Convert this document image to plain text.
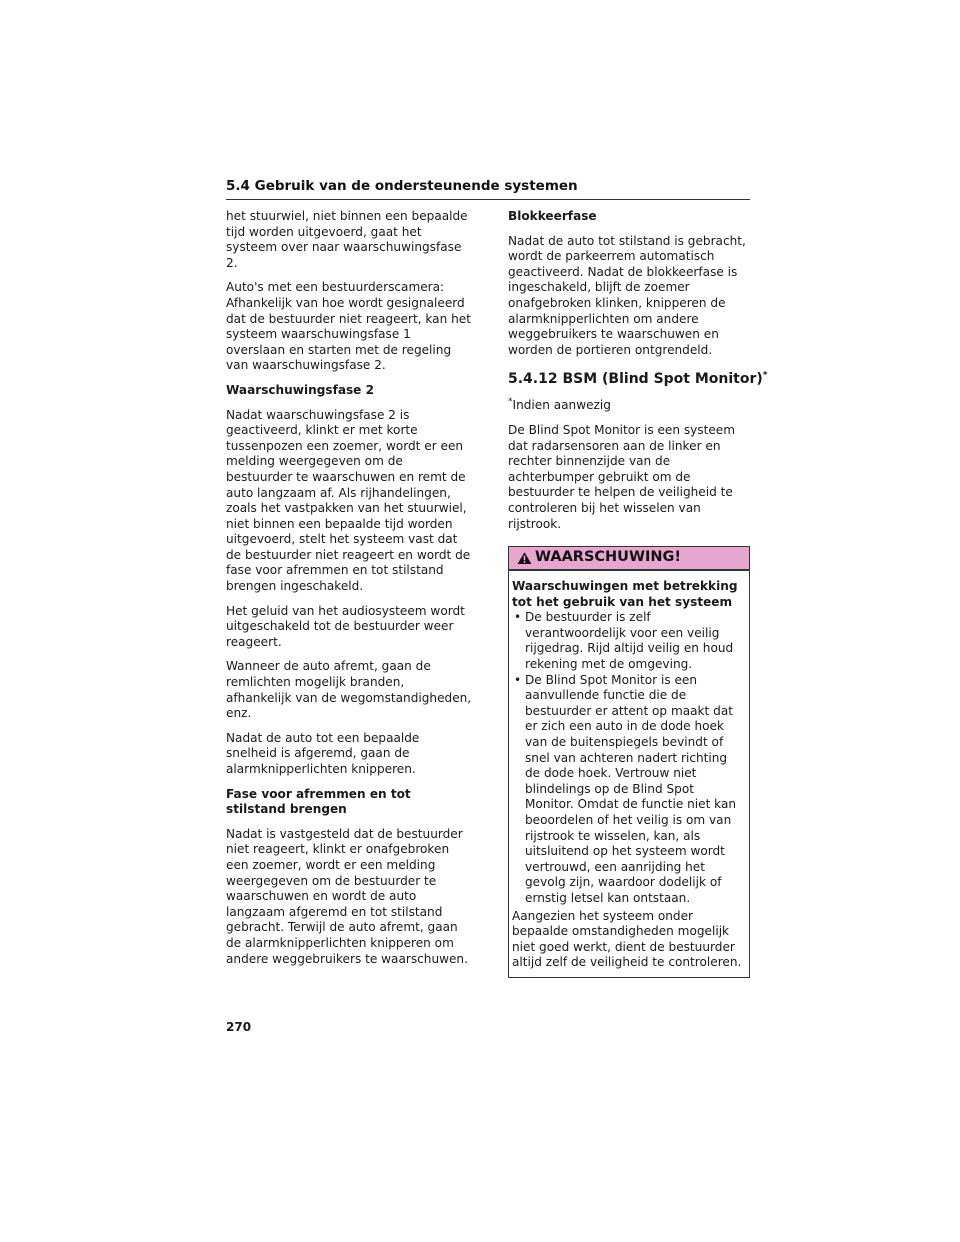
5.4 Gebruik van de ondersteunende systemen

het stuurwiel, niet binnen een bepaalde tijd worden uitgevoerd, gaat het systeem over naar waarschuwingsfase 2.

Auto's met een bestuurderscamera: Afhankelijk van hoe wordt gesignaleerd dat de bestuurder niet reageert, kan het systeem waarschuwingsfase 1 overslaan en starten met de regeling van waarschuwingsfase 2.

Waarschuwingsfase 2

Nadat waarschuwingsfase 2 is geactiveerd, klinkt er met korte tussenpozen een zoemer, wordt er een melding weergegeven om de bestuurder te waarschuwen en remt de auto langzaam af. Als rijhandelingen, zoals het vastpakken van het stuurwiel, niet binnen een bepaalde tijd worden uitgevoerd, stelt het systeem vast dat de bestuurder niet reageert en wordt de fase voor afremmen en tot stilstand brengen ingeschakeld.

Het geluid van het audiosysteem wordt uitgeschakeld tot de bestuurder weer reageert.

Wanneer de auto afremt, gaan de remlichten mogelijk branden, afhankelijk van de wegomstandigheden, enz.

Nadat de auto tot een bepaalde snelheid is afgeremd, gaan de alarmknipperlichten knipperen.

Fase voor afremmen en tot stilstand brengen

Nadat is vastgesteld dat de bestuurder niet reageert, klinkt er onafgebroken een zoemer, wordt er een melding weergegeven om de bestuurder te waarschuwen en wordt de auto langzaam afgeremd en tot stilstand gebracht. Terwijl de auto afremt, gaan de alarmknipperlichten knipperen om andere weggebruikers te waarschuwen.

Blokkeerfase

Nadat de auto tot stilstand is gebracht, wordt de parkeerrem automatisch geactiveerd. Nadat de blokkeerfase is ingeschakeld, blijft de zoemer onafgebroken klinken, knipperen de alarmknipperlichten om andere weggebruikers te waarschuwen en worden de portieren ontgrendeld.

5.4.12 BSM (Blind Spot Monitor)*

*Indien aanwezig

De Blind Spot Monitor is een systeem dat radarsensoren aan de linker en rechter binnenzijde van de achterbumper gebruikt om de bestuurder te helpen de veiligheid te controleren bij het wisselen van rijstrook.

WAARSCHUWING!
Waarschuwingen met betrekking tot het gebruik van het systeem
• De bestuurder is zelf verantwoordelijk voor een veilig rijgedrag. Rijd altijd veilig en houd rekening met de omgeving.
• De Blind Spot Monitor is een aanvullende functie die de bestuurder er attent op maakt dat er zich een auto in de dode hoek van de buitenspiegels bevindt of snel van achteren nadert richting de dode hoek. Vertrouw niet blindelings op de Blind Spot Monitor. Omdat de functie niet kan beoordelen of het veilig is om van rijstrook te wisselen, kan, als uitsluitend op het systeem wordt vertrouwd, een aanrijding het gevolg zijn, waardoor dodelijk of ernstig letsel kan ontstaan.

Aangezien het systeem onder bepaalde omstandigheden mogelijk niet goed werkt, dient de bestuurder altijd zelf de veiligheid te controleren.

270
